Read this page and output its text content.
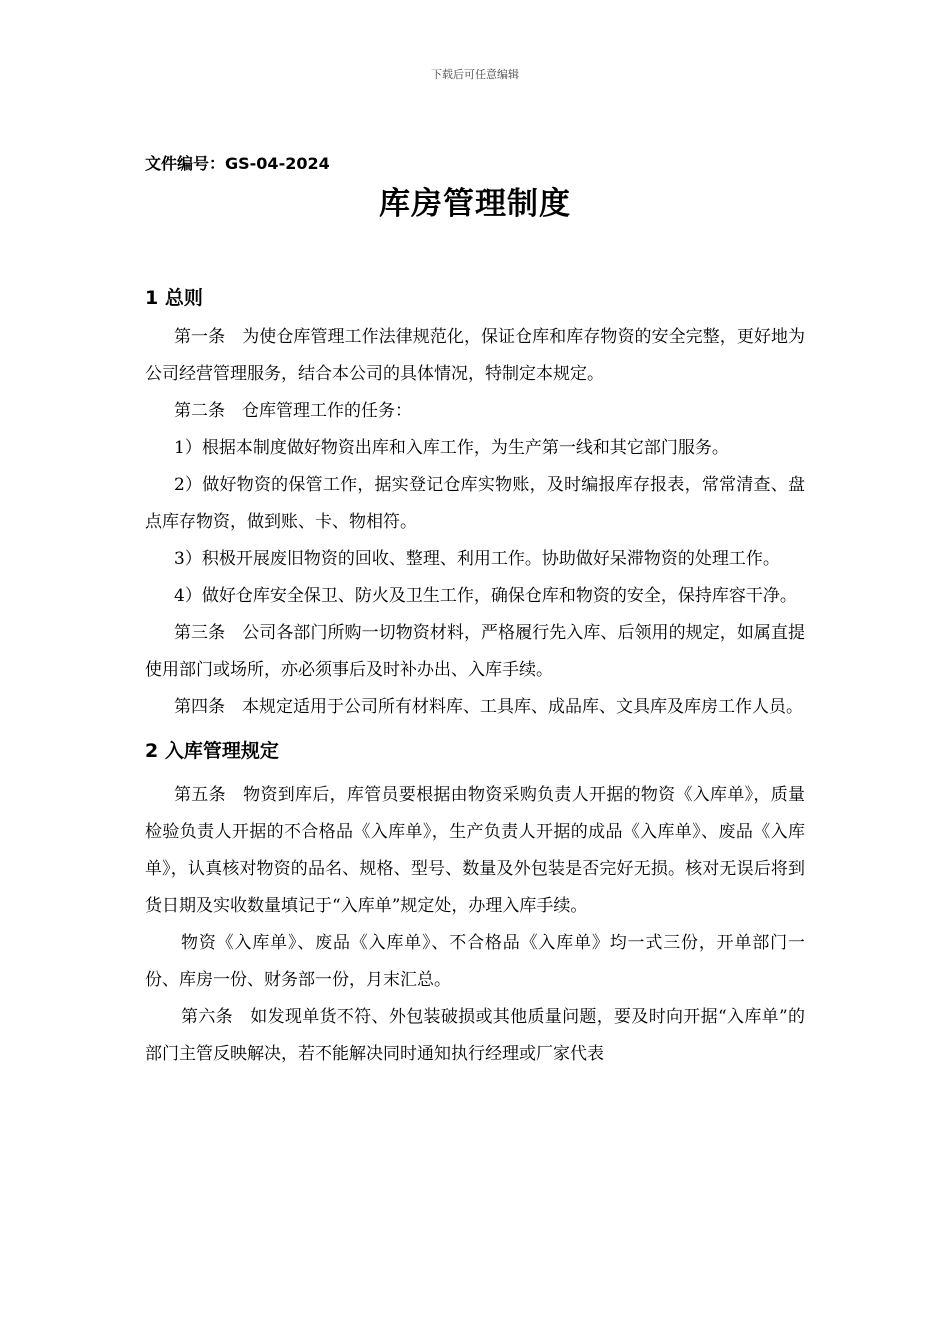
下载后可任意编辑
文件编号：GS-04-2024
库房管理制度
1 总则

第一条　为使仓库管理工作法律规范化，保证仓库和库存物资的安全完整，更好地为公司经营管理服务，结合本公司的具体情况，特制定本规定。

第二条　仓库管理工作的任务：

1）根据本制度做好物资出库和入库工作，为生产第一线和其它部门服务。

2）做好物资的保管工作，据实登记仓库实物账，及时编报库存报表，常常清查、盘点库存物资，做到账、卡、物相符。

3）积极开展废旧物资的回收、整理、利用工作。协助做好呆滞物资的处理工作。

4）做好仓库安全保卫、防火及卫生工作，确保仓库和物资的安全，保持库容干净。

第三条　公司各部门所购一切物资材料，严格履行先入库、后领用的规定，如属直提使用部门或场所，亦必须事后及时补办出、入库手续。

第四条　本规定适用于公司所有材料库、工具库、成品库、文具库及库房工作人员。

2 入库管理规定

第五条　物资到库后，库管员要根据由物资采购负责人开据的物资《入库单》，质量检验负责人开据的不合格品《入库单》，生产负责人开据的成品《入库单》、废品《入库单》，认真核对物资的品名、规格、型号、数量及外包装是否完好无损。核对无误后将到货日期及实收数量填记于“入库单”规定处，办理入库手续。

物资《入库单》、废品《入库单》、不合格品《入库单》均一式三份，开单部门一份、库房一份、财务部一份，月末汇总。

第六条　如发现单货不符、外包装破损或其他质量问题，要及时向开据“入库单”的部门主管反映解决，若不能解决同时通知执行经理或厂家代表
